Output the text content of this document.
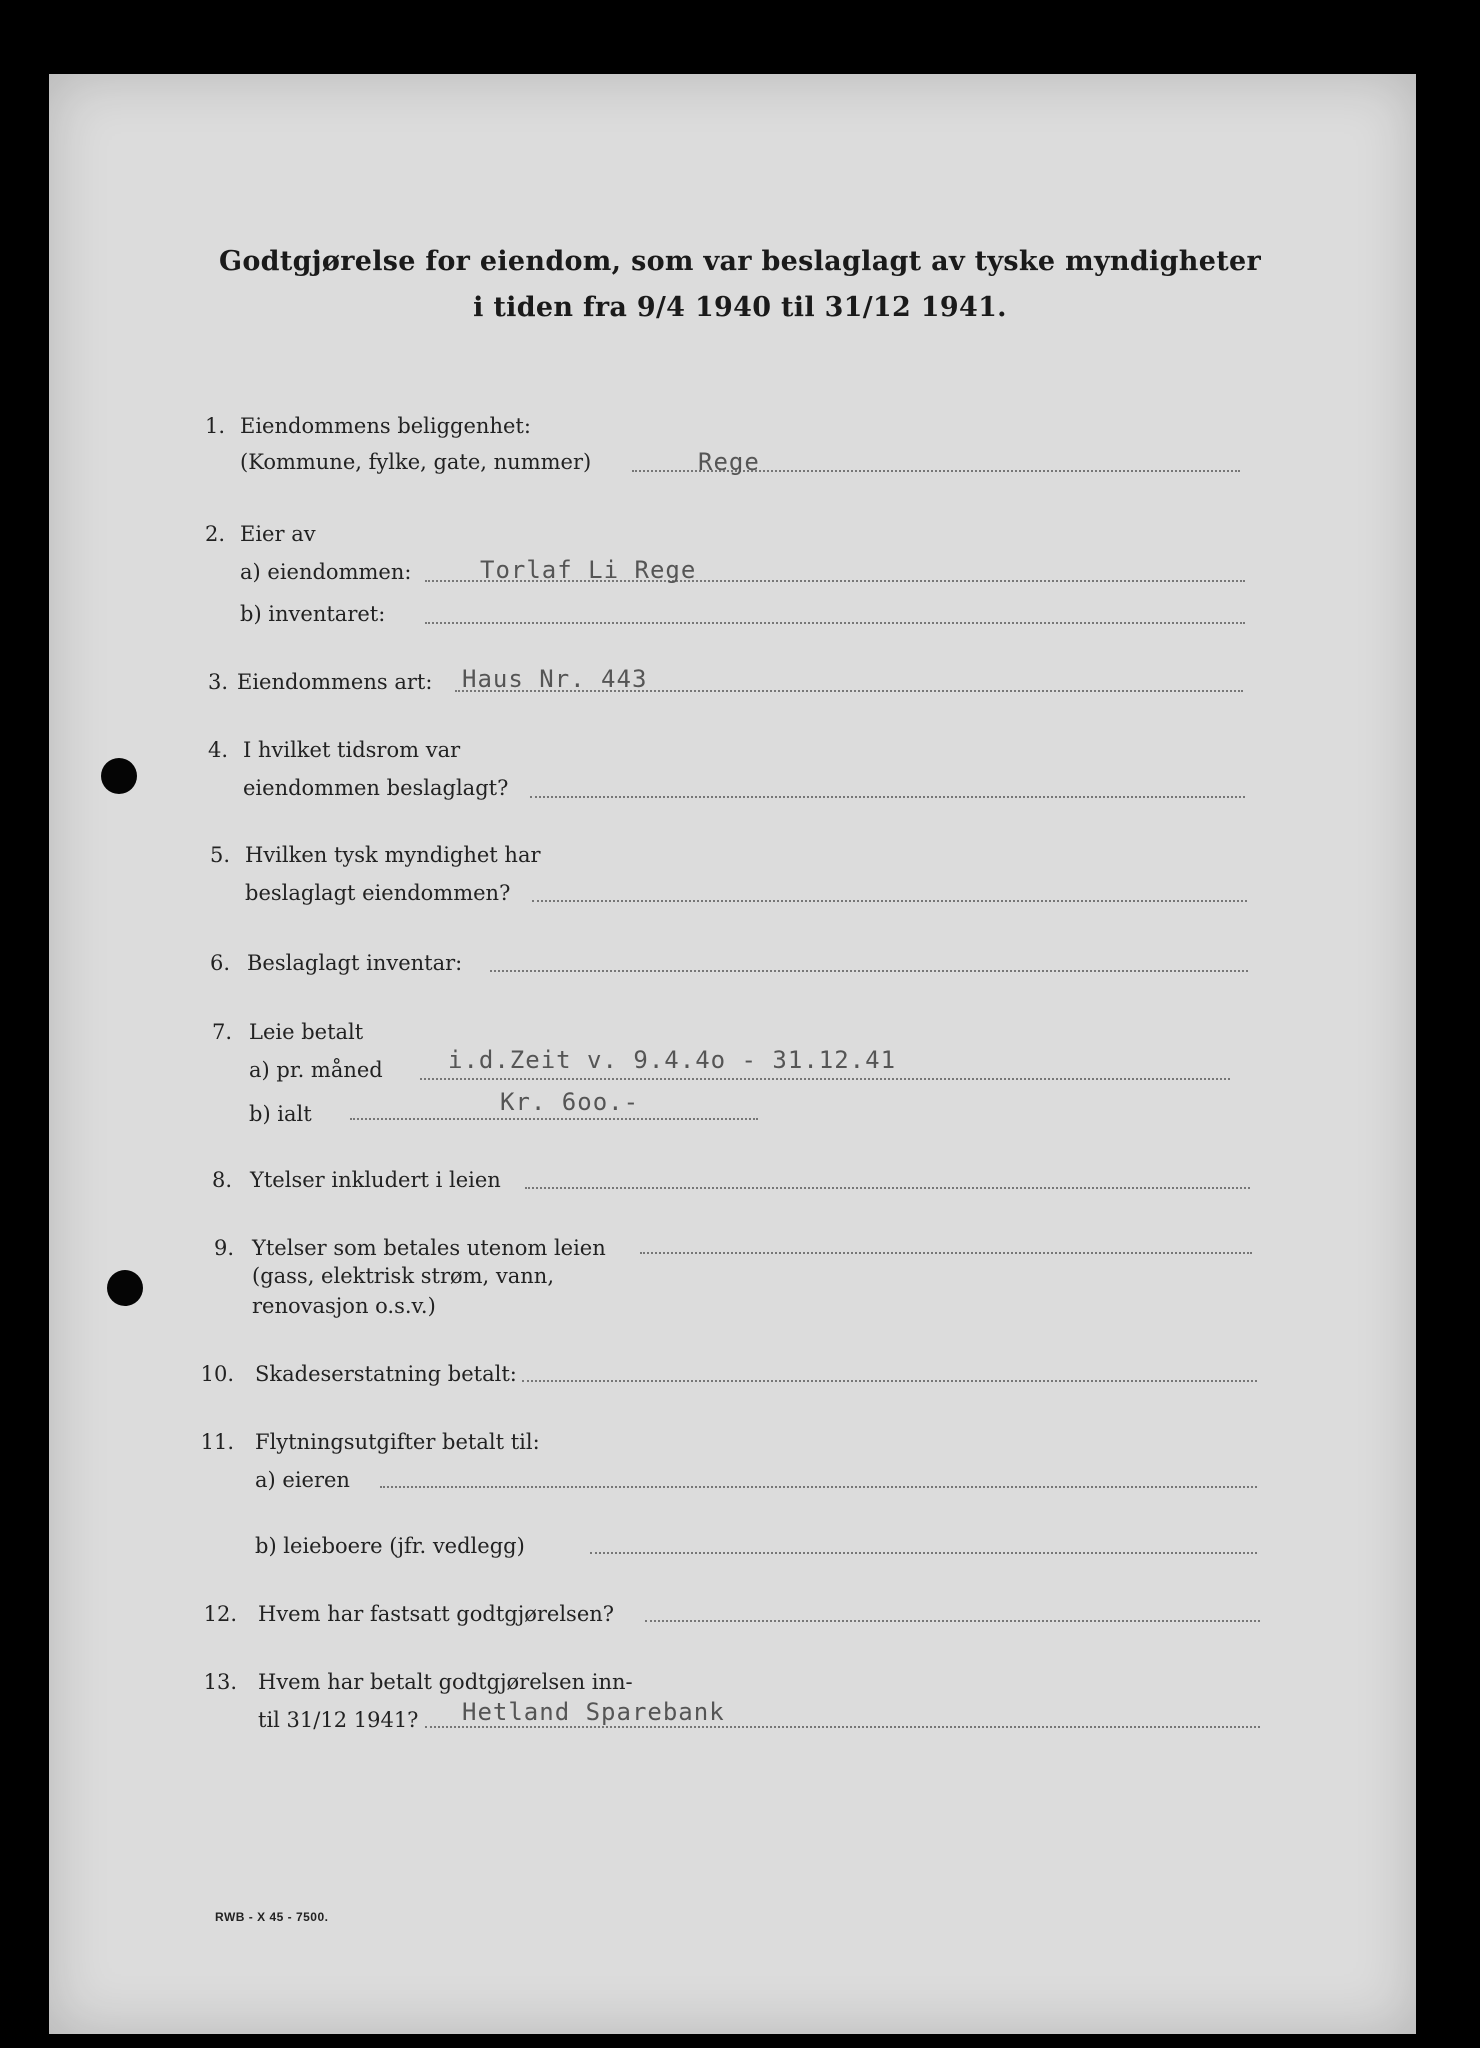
Godtgjørelse for eiendom, som var beslaglagt av tyske myndigheter
i tiden fra 9/4 1940 til 31/12 1941.
1. Eiendommens beliggenhet:
(Kommune, fylke, gate, nummer)	Rege
2. Eier av
a) eiendommen:	Torlaf Li Rege
b) inventaret:
3. Eiendommens art: Haus Nr. 443
4. I hvilket tidsrom var
eiendommen beslaglagt?
5. Hvilken tysk myndighet har
beslaglagt eiendommen?
6. Beslaglagt inventar:
7. Leie betalt
a) pr. måned	i.d.Zeit v. 9.4.4o - 31.12.41
b) ialt	Kr. 6oo.-
8. Ytelser inkludert i leien
9. Ytelser som betales utenom leien
(gass, elektrisk strøm, vann,
renovasjon o.s.v.)
10. Skadeserstatning betalt:
11. Flytningsutgifter betalt til:
a) eieren
b) leieboere (jfr. vedlegg)
12. Hvem har fastsatt godtgjørelsen?
13. Hvem har betalt godtgjørelsen inn-
til 31/12 1941? Hetland Sparebank
RWB - X 45 - 7500.
